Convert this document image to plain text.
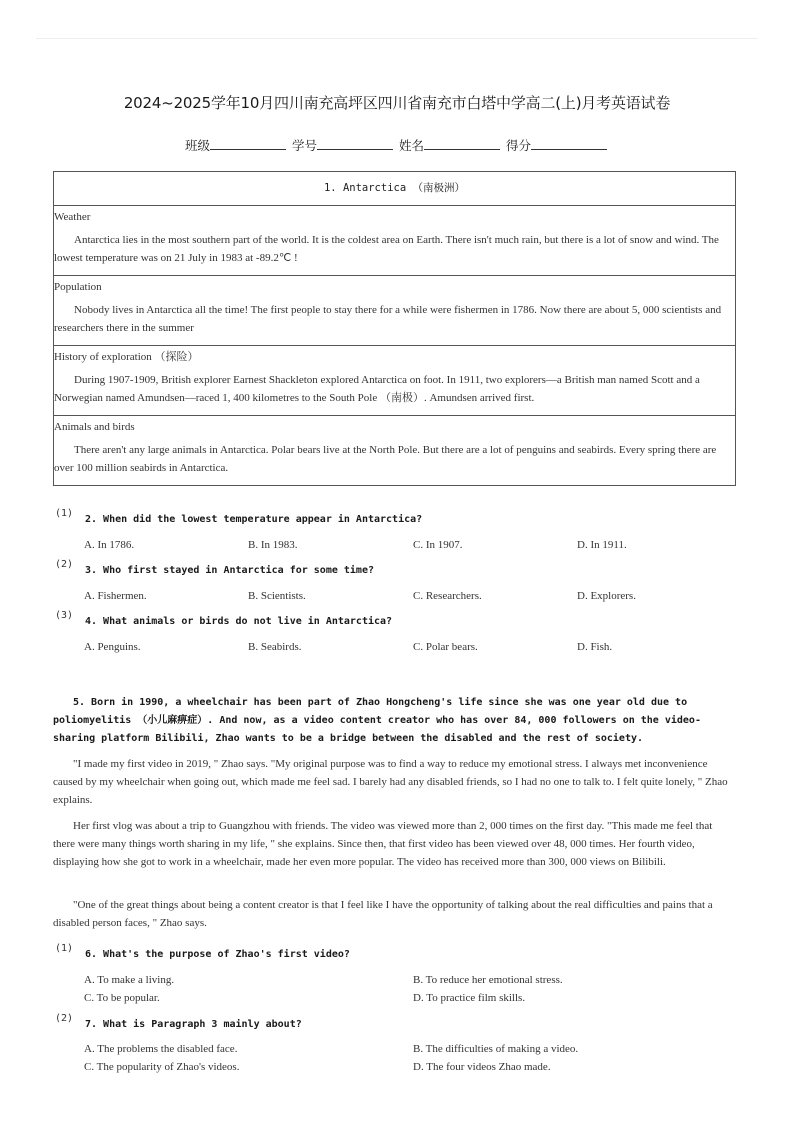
2024~2025学年10月四川南充高坪区四川省南充市白塔中学高二(上)月考英语试卷
班级	学号	姓名	得分
1. Antarctica （南极洲）
Weather
Antarctica lies in the most southern part of the world. It is the coldest area on Earth. There isn't much rain, but there is a lot of snow and wind. The lowest temperature was on 21 July in 1983 at -89.2℃ !
Population
Nobody lives in Antarctica all the time! The first people to stay there for a while were fishermen in 1786. Now there are about 5, 000 scientists and researchers there in the summer
History of exploration （探险）
During 1907-1909, British explorer Earnest Shackleton explored Antarctica on foot. In 1911, two explorers—a British man named Scott and a Norwegian named Amundsen—raced 1, 400 kilometres to the South Pole （南极）. Amundsen arrived first.
Animals and birds
There aren't any large animals in Antarctica. Polar bears live at the North Pole. But there are a lot of penguins and seabirds. Every spring there are over 100 million seabirds in Antarctica.
(1)
2. When did the lowest temperature appear in Antarctica?
A. In 1786.	B. In 1983.	C. In 1907.	D. In 1911.
(2)
3. Who first stayed in Antarctica for some time?
A. Fishermen.	B. Scientists.	C. Researchers.	D. Explorers.
(3)
4. What animals or birds do not live in Antarctica?
A. Penguins.	B. Seabirds.	C. Polar bears.	D. Fish.
5. Born in 1990, a wheelchair has been part of Zhao Hongcheng's life since she was one year old due to poliomyelitis （小儿麻痹症）. And now, as a video content creator who has over 84, 000 followers on the video-sharing platform Bilibili, Zhao wants to be a bridge between the disabled and the rest of society.
"I made my first video in 2019, " Zhao says. "My original purpose was to find a way to reduce my emotional stress. I always met inconvenience caused by my wheelchair when going out, which made me feel sad. I barely had any disabled friends, so I had no one to talk to. I felt quite lonely, " Zhao explains.
Her first vlog was about a trip to Guangzhou with friends. The video was viewed more than 2, 000 times on the first day. "This made me feel that there were many things worth sharing in my life, " she explains. Since then, that first video has been viewed over 48, 000 times. Her fourth video, displaying how she got to work in a wheelchair, made her even more popular. The video has received more than 300, 000 views on Bilibili.
"One of the great things about being a content creator is that I feel like I have the opportunity of talking about the real difficulties and pains that a disabled person faces, " Zhao says.
(1)
6. What's the purpose of Zhao's first video?
A. To make a living.	B. To reduce her emotional stress.
C. To be popular.	D. To practice film skills.
(2)
7. What is Paragraph 3 mainly about?
A. The problems the disabled face.	B. The difficulties of making a video.
C. The popularity of Zhao's videos.	D. The four videos Zhao made.
